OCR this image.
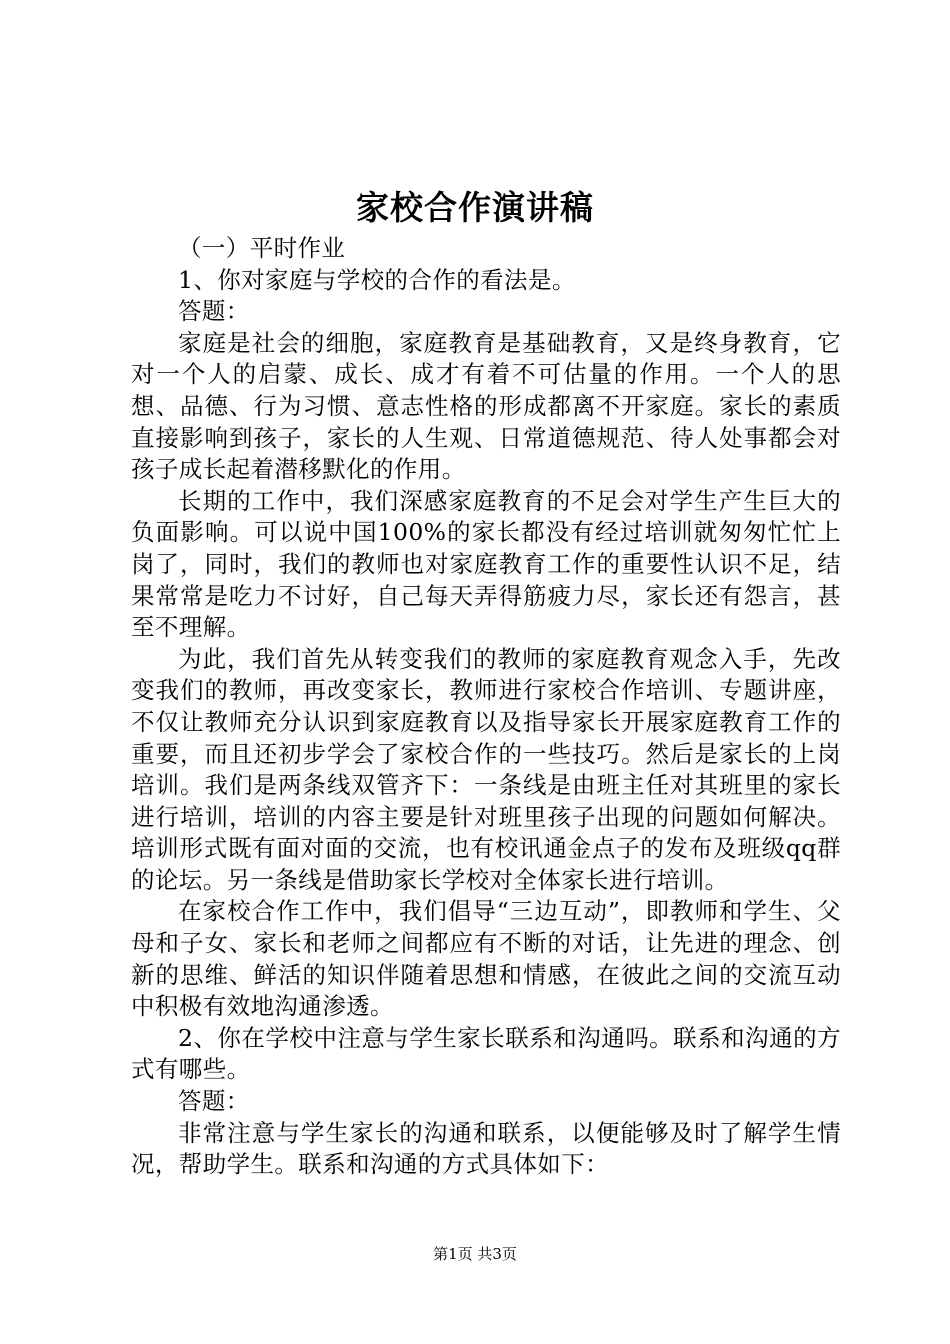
家校合作演讲稿

（一）平时作业

1、你对家庭与学校的合作的看法是。

答题：

家庭是社会的细胞，家庭教育是基础教育，又是终身教育，它对一个人的启蒙、成长、成才有着不可估量的作用。一个人的思想、品德、行为习惯、意志性格的形成都离不开家庭。家长的素质直接影响到孩子，家长的人生观、日常道德规范、待人处事都会对孩子成长起着潜移默化的作用。

长期的工作中，我们深感家庭教育的不足会对学生产生巨大的负面影响。可以说中国100%的家长都没有经过培训就匆匆忙忙上岗了，同时，我们的教师也对家庭教育工作的重要性认识不足，结果常常是吃力不讨好，自己每天弄得筋疲力尽，家长还有怨言，甚至不理解。

为此，我们首先从转变我们的教师的家庭教育观念入手，先改变我们的教师，再改变家长，教师进行家校合作培训、专题讲座，不仅让教师充分认识到家庭教育以及指导家长开展家庭教育工作的重要，而且还初步学会了家校合作的一些技巧。然后是家长的上岗培训。我们是两条线双管齐下：一条线是由班主任对其班里的家长进行培训，培训的内容主要是针对班里孩子出现的问题如何解决。培训形式既有面对面的交流，也有校讯通金点子的发布及班级qq群的论坛。另一条线是借助家长学校对全体家长进行培训。

在家校合作工作中，我们倡导“三边互动”，即教师和学生、父母和子女、家长和老师之间都应有不断的对话，让先进的理念、创新的思维、鲜活的知识伴随着思想和情感，在彼此之间的交流互动中积极有效地沟通渗透。

2、你在学校中注意与学生家长联系和沟通吗。联系和沟通的方式有哪些。

答题：

非常注意与学生家长的沟通和联系，以便能够及时了解学生情况，帮助学生。联系和沟通的方式具体如下：

第1页 共3页
